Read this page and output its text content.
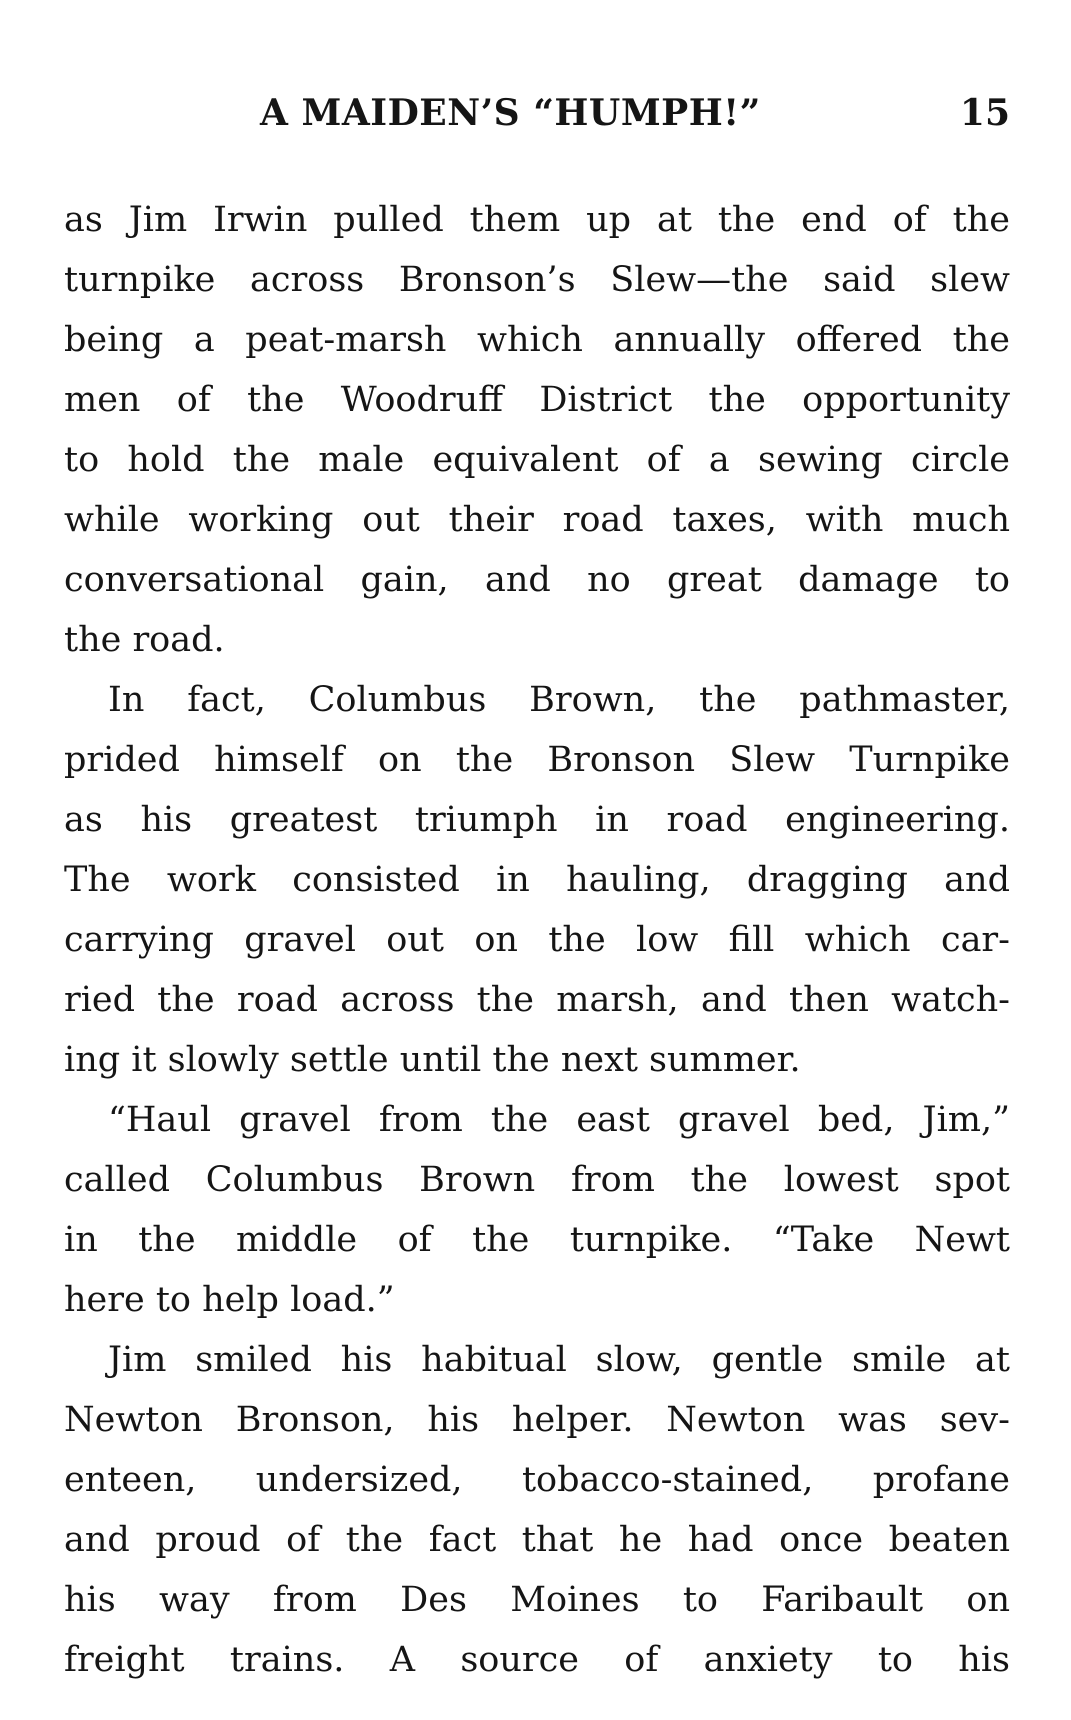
A MAIDEN’S “HUMPH!”	15
as Jim Irwin pulled them up at the end of the
turnpike across Bronson’s Slew—the said slew
being a peat-marsh which annually offered the
men of the Woodruff District the opportunity
to hold the male equivalent of a sewing circle
while working out their road taxes, with much
conversational gain, and no great damage to
the road.
In fact, Columbus Brown, the pathmaster,
prided himself on the Bronson Slew Turnpike
as his greatest triumph in road engineering.
The work consisted in hauling, dragging and
carrying gravel out on the low fill which car-
ried the road across the marsh, and then watch-
ing it slowly settle until the next summer.
“Haul gravel from the east gravel bed, Jim,”
called Columbus Brown from the lowest spot
in the middle of the turnpike. “Take Newt
here to help load.”
Jim smiled his habitual slow, gentle smile at
Newton Bronson, his helper. Newton was sev-
enteen, undersized, tobacco-stained, profane
and proud of the fact that he had once beaten
his way from Des Moines to Faribault on
freight trains. A source of anxiety to his
